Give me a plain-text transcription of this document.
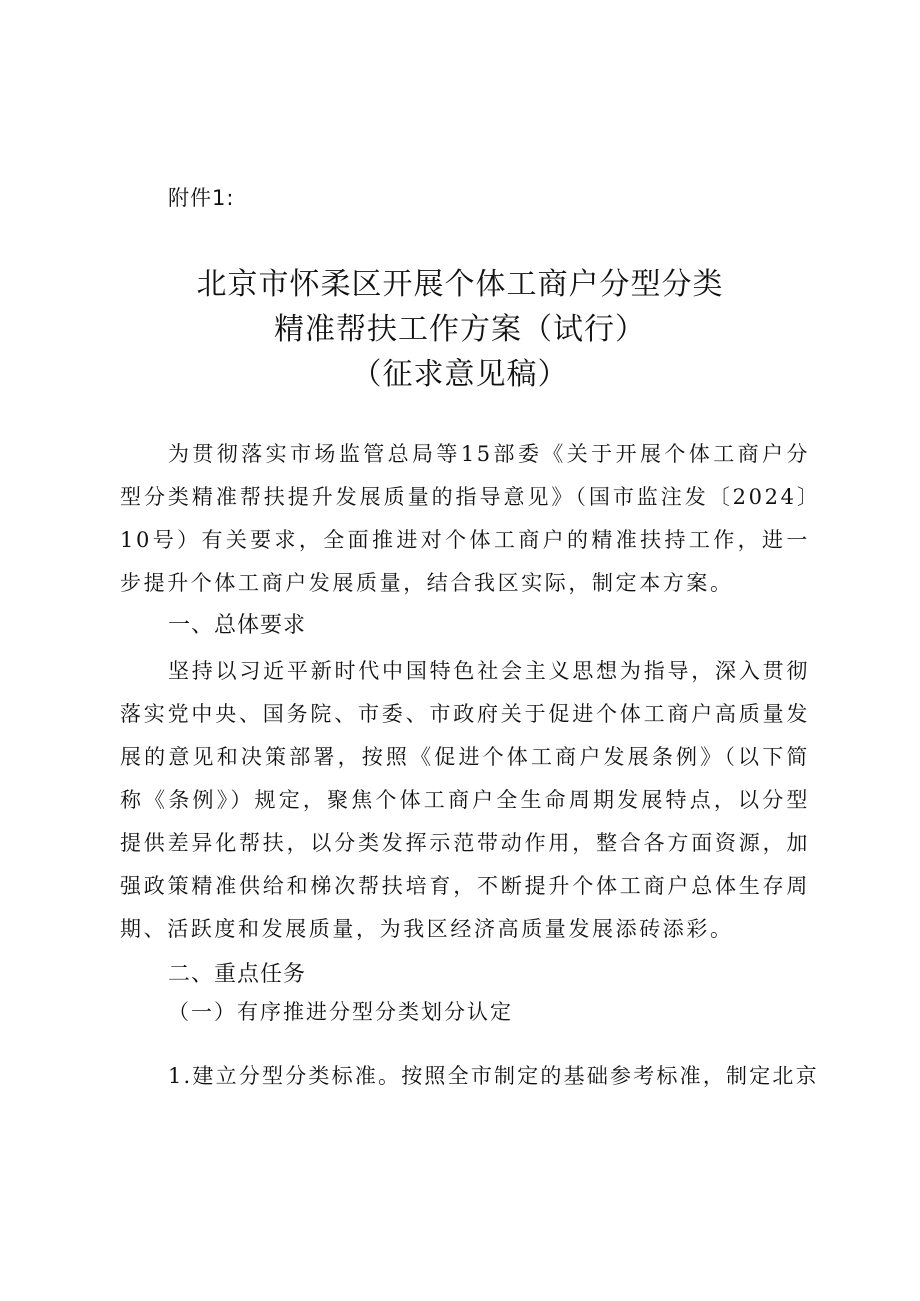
附件1:
北京市怀柔区开展个体工商户分型分类
精准帮扶工作方案（试行）
（征求意见稿）
为贯彻落实市场监管总局等15部委《关于开展个体工商户分型分类精准帮扶提升发展质量的指导意见》（国市监注发〔2024〕10号）有关要求，全面推进对个体工商户的精准扶持工作，进一步提升个体工商户发展质量，结合我区实际，制定本方案。
一、总体要求
坚持以习近平新时代中国特色社会主义思想为指导，深入贯彻落实党中央、国务院、市委、市政府关于促进个体工商户高质量发展的意见和决策部署，按照《促进个体工商户发展条例》（以下简称《条例》）规定，聚焦个体工商户全生命周期发展特点，以分型提供差异化帮扶，以分类发挥示范带动作用，整合各方面资源，加强政策精准供给和梯次帮扶培育，不断提升个体工商户总体生存周期、活跃度和发展质量，为我区经济高质量发展添砖添彩。
二、重点任务
（一）有序推进分型分类划分认定
1.建立分型分类标准。按照全市制定的基础参考标准，制定北京
